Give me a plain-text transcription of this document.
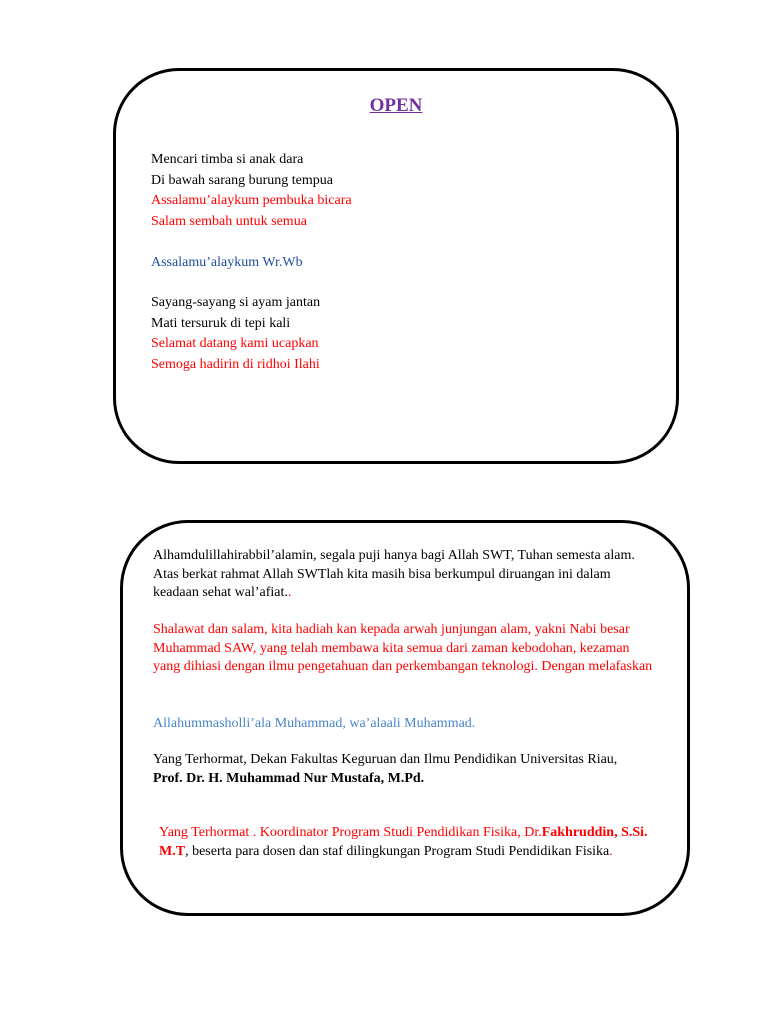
OPEN
Mencari timba si anak dara
Di bawah sarang burung tempua
Assalamu’alaykum pembuka bicara
Salam sembah untuk semua
Assalamu’alaykum Wr.Wb
Sayang-sayang si ayam jantan
Mati tersuruk di tepi kali
Selamat datang kami ucapkan
Semoga hadirin di ridhoi Ilahi
Alhamdulillahirabbil’alamin, segala puji hanya bagi Allah SWT, Tuhan semesta alam. Atas berkat rahmat Allah SWTlah kita masih bisa berkumpul diruangan ini dalam keadaan sehat wal’afiat..
Shalawat dan salam, kita hadiah kan kepada arwah junjungan alam, yakni Nabi besar Muhammad SAW, yang telah membawa kita semua dari zaman kebodohan, kezaman yang dihiasi dengan ilmu pengetahuan dan perkembangan teknologi. Dengan melafaskan
Allahummasholli’ala Muhammad, wa’alaali Muhammad.
Yang Terhormat, Dekan Fakultas Keguruan dan Ilmu Pendidikan Universitas Riau,
Prof. Dr. H. Muhammad Nur Mustafa, M.Pd.
Yang Terhormat . Koordinator Program Studi Pendidikan Fisika, Dr.Fakhruddin, S.Si. M.T, beserta para dosen dan staf dilingkungan Program Studi Pendidikan Fisika.
